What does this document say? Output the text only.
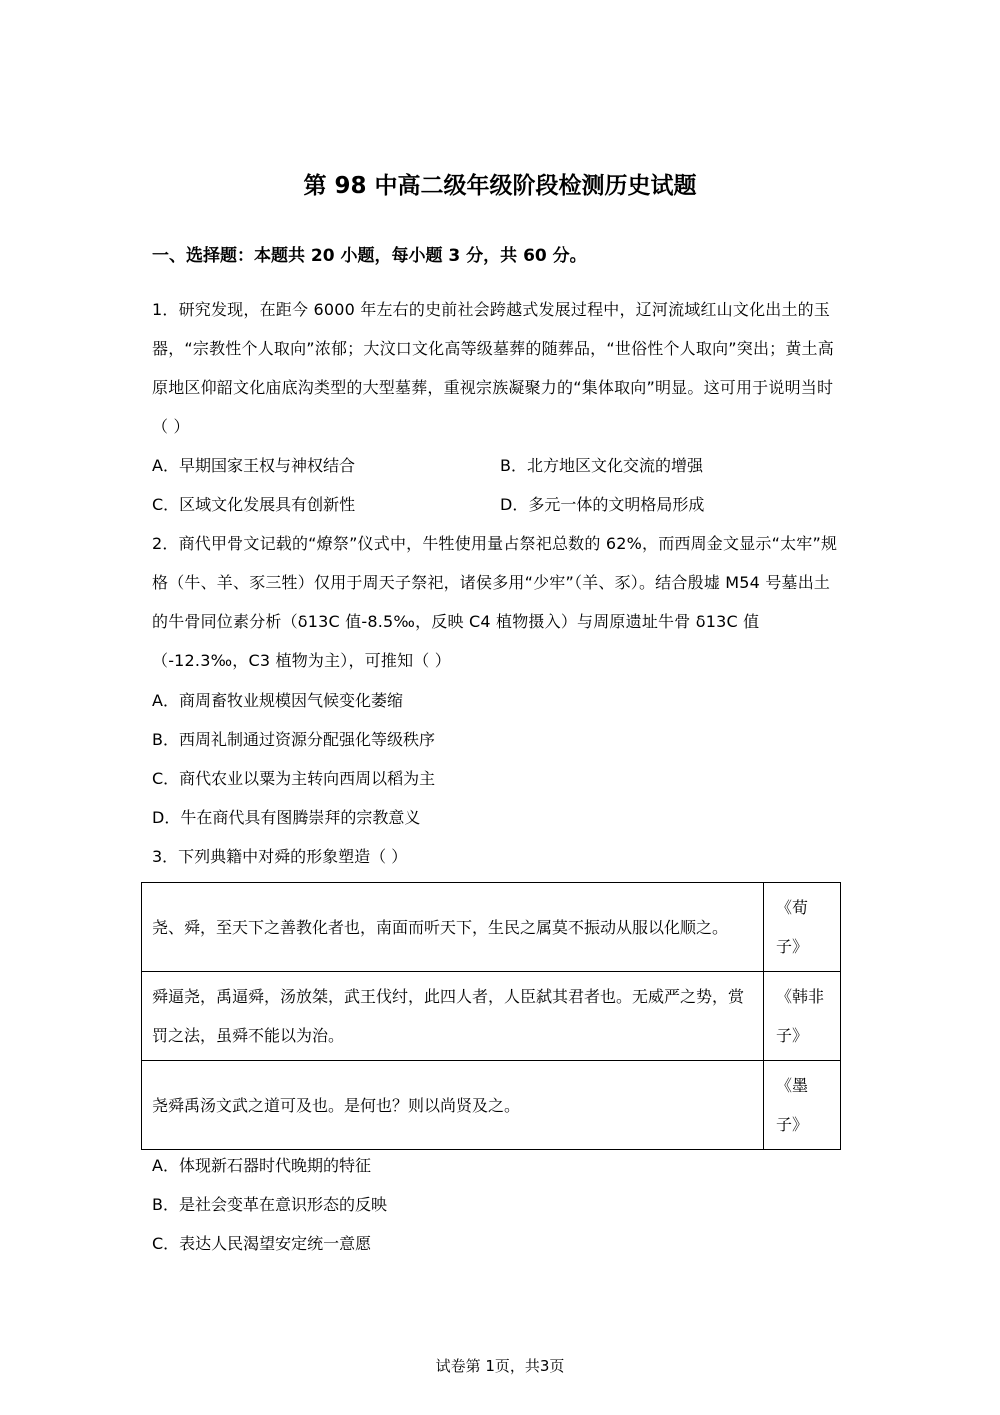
第 98 中高二级年级阶段检测历史试题
一、选择题：本题共 20 小题，每小题 3 分，共 60 分。
1．研究发现，在距今 6000 年左右的史前社会跨越式发展过程中，辽河流域红山文化出土的玉器，“宗教性个人取向”浓郁；大汶口文化高等级墓葬的随葬品，“世俗性个人取向”突出；黄土高原地区仰韶文化庙底沟类型的大型墓葬，重视宗族凝聚力的“集体取向”明显。这可用于说明当时（ ）
A．早期国家王权与神权结合	B．北方地区文化交流的增强
C．区域文化发展具有创新性	D．多元一体的文明格局形成
2．商代甲骨文记载的“燎祭”仪式中，牛牲使用量占祭祀总数的 62%，而西周金文显示“太牢”规格（牛、羊、豕三牲）仅用于周天子祭祀，诸侯多用“少牢”（羊、豕）。结合殷墟 M54 号墓出土的牛骨同位素分析（δ13C 值-8.5‰，反映 C4 植物摄入）与周原遗址牛骨 δ13C 值（-12.3‰，C3 植物为主），可推知（ ）
A．商周畜牧业规模因气候变化萎缩
B．西周礼制通过资源分配强化等级秩序
C．商代农业以粟为主转向西周以稻为主
D．牛在商代具有图腾崇拜的宗教意义
3．下列典籍中对舜的形象塑造（ ）
尧、舜，至天下之善教化者也，南面而听天下，生民之属莫不振动从服以化顺之。	《荀子》
舜逼尧，禹逼舜，汤放桀，武王伐纣，此四人者，人臣弑其君者也。无威严之势，赏罚之法，虽舜不能以为治。	《韩非子》
尧舜禹汤文武之道可及也。是何也？则以尚贤及之。	《墨子》
A．体现新石器时代晚期的特征
B．是社会变革在意识形态的反映
C．表达人民渴望安定统一意愿
试卷第 1页，共3页
